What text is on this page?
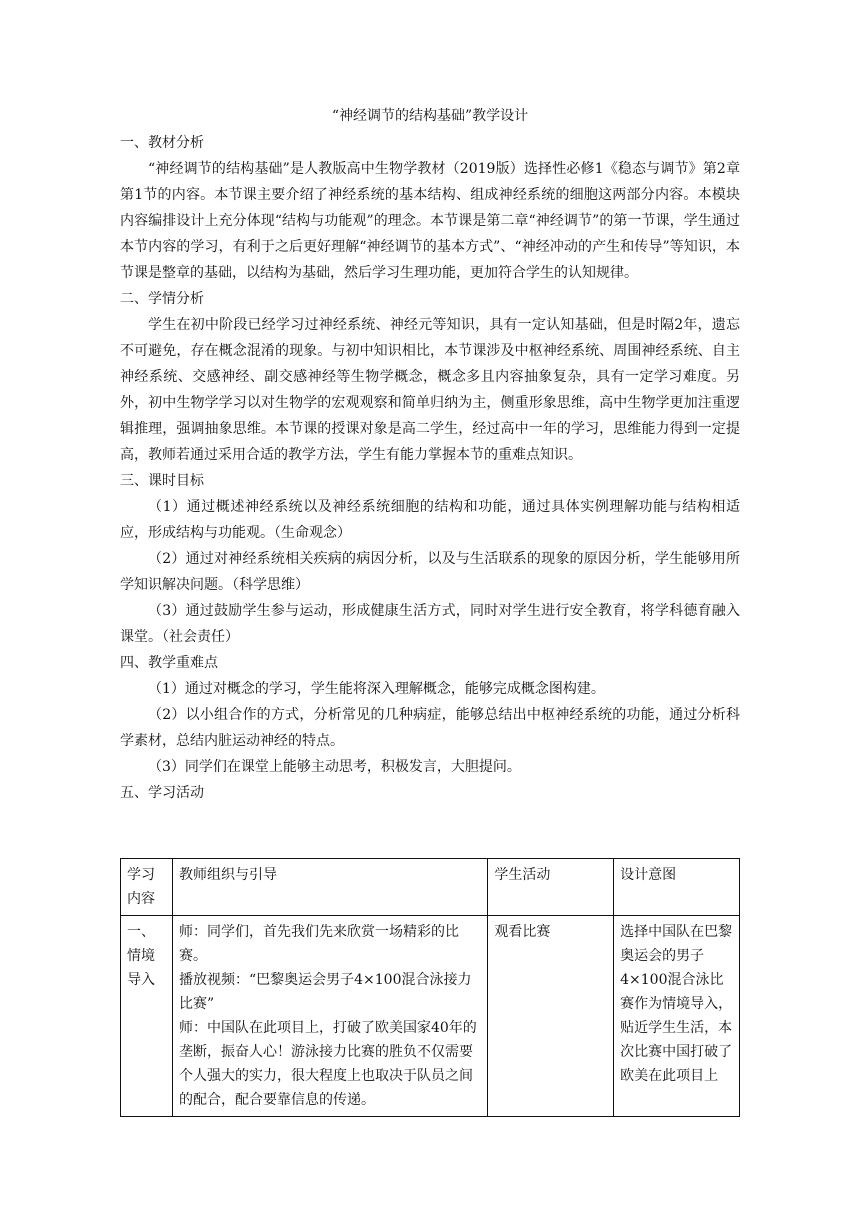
“神经调节的结构基础”教学设计

一、教材分析

“神经调节的结构基础”是人教版高中生物学教材（2019版）选择性必修1《稳态与调节》第2章第1节的内容。本节课主要介绍了神经系统的基本结构、组成神经系统的细胞这两部分内容。本模块内容编排设计上充分体现“结构与功能观”的理念。本节课是第二章“神经调节”的第一节课，学生通过本节内容的学习，有利于之后更好理解“神经调节的基本方式”、“神经冲动的产生和传导”等知识，本节课是整章的基础，以结构为基础，然后学习生理功能，更加符合学生的认知规律。

二、学情分析

学生在初中阶段已经学习过神经系统、神经元等知识，具有一定认知基础，但是时隔2年，遗忘不可避免，存在概念混淆的现象。与初中知识相比，本节课涉及中枢神经系统、周围神经系统、自主神经系统、交感神经、副交感神经等生物学概念，概念多且内容抽象复杂，具有一定学习难度。另外，初中生物学学习以对生物学的宏观观察和简单归纳为主，侧重形象思维，高中生物学更加注重逻辑推理，强调抽象思维。本节课的授课对象是高二学生，经过高中一年的学习，思维能力得到一定提高，教师若通过采用合适的教学方法，学生有能力掌握本节的重难点知识。

三、课时目标

（1）通过概述神经系统以及神经系统细胞的结构和功能，通过具体实例理解功能与结构相适应，形成结构与功能观。（生命观念）

（2）通过对神经系统相关疾病的病因分析，以及与生活联系的现象的原因分析，学生能够用所学知识解决问题。（科学思维）

（3）通过鼓励学生参与运动，形成健康生活方式，同时对学生进行安全教育，将学科德育融入课堂。（社会责任）

四、教学重难点

（1）通过对概念的学习，学生能将深入理解概念，能够完成概念图构建。

（2）以小组合作的方式，分析常见的几种病症，能够总结出中枢神经系统的功能，通过分析科学素材，总结内脏运动神经的特点。

（3）同学们在课堂上能够主动思考，积极发言，大胆提问。

五、学习活动

学习内容	教师组织与引导	学生活动	设计意图
一、情境导入	师：同学们，首先我们先来欣赏一场精彩的比赛。
播放视频：“巴黎奥运会男子4×100混合泳接力比赛”
师：中国队在此项目上，打破了欧美国家40年的垄断，振奋人心！游泳接力比赛的胜负不仅需要个人强大的实力，很大程度上也取决于队员之间的配合，配合要靠信息的传递。	观看比赛	选择中国队在巴黎奥运会的男子4×100混合泳比赛作为情境导入，贴近学生生活，本次比赛中国打破了欧美在此项目上
